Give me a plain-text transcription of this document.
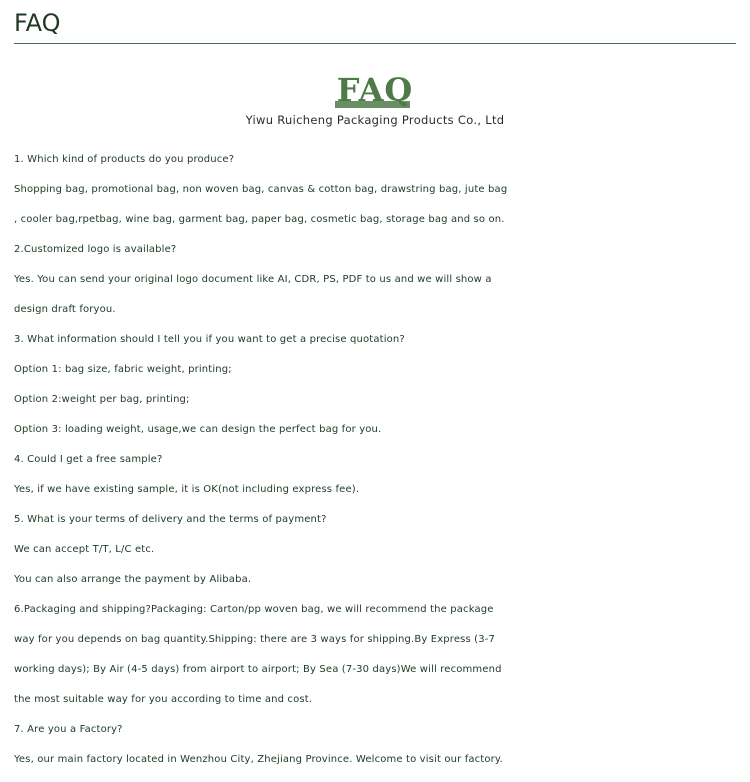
FAQ
FAQ
Yiwu Ruicheng Packaging Products Co., Ltd
1. Which kind of products do you produce?
Shopping bag, promotional bag, non woven bag, canvas & cotton bag, drawstring bag, jute bag
, cooler bag,rpetbag, wine bag, garment bag, paper bag, cosmetic bag, storage bag and so on.
2.Customized logo is available?
Yes. You can send your original logo document like AI, CDR, PS, PDF to us and we will show a
design draft foryou.
3. What information should I tell you if you want to get a precise quotation?
Option 1: bag size, fabric weight, printing;
Option 2:weight per bag, printing;
Option 3: loading weight, usage,we can design the perfect bag for you.
4. Could I get a free sample?
Yes, if we have existing sample, it is OK(not including express fee).
5. What is your terms of delivery and the terms of payment?
We can accept T/T, L/C etc.
You can also arrange the payment by Alibaba.
6.Packaging and shipping?Packaging: Carton/pp woven bag, we will recommend the package
way for you depends on bag quantity.Shipping: there are 3 ways for shipping.By Express (3-7
working days); By Air (4-5 days) from airport to airport; By Sea (7-30 days)We will recommend
the most suitable way for you according to time and cost.
7. Are you a Factory?
Yes, our main factory located in Wenzhou City, Zhejiang Province. Welcome to visit our factory.
